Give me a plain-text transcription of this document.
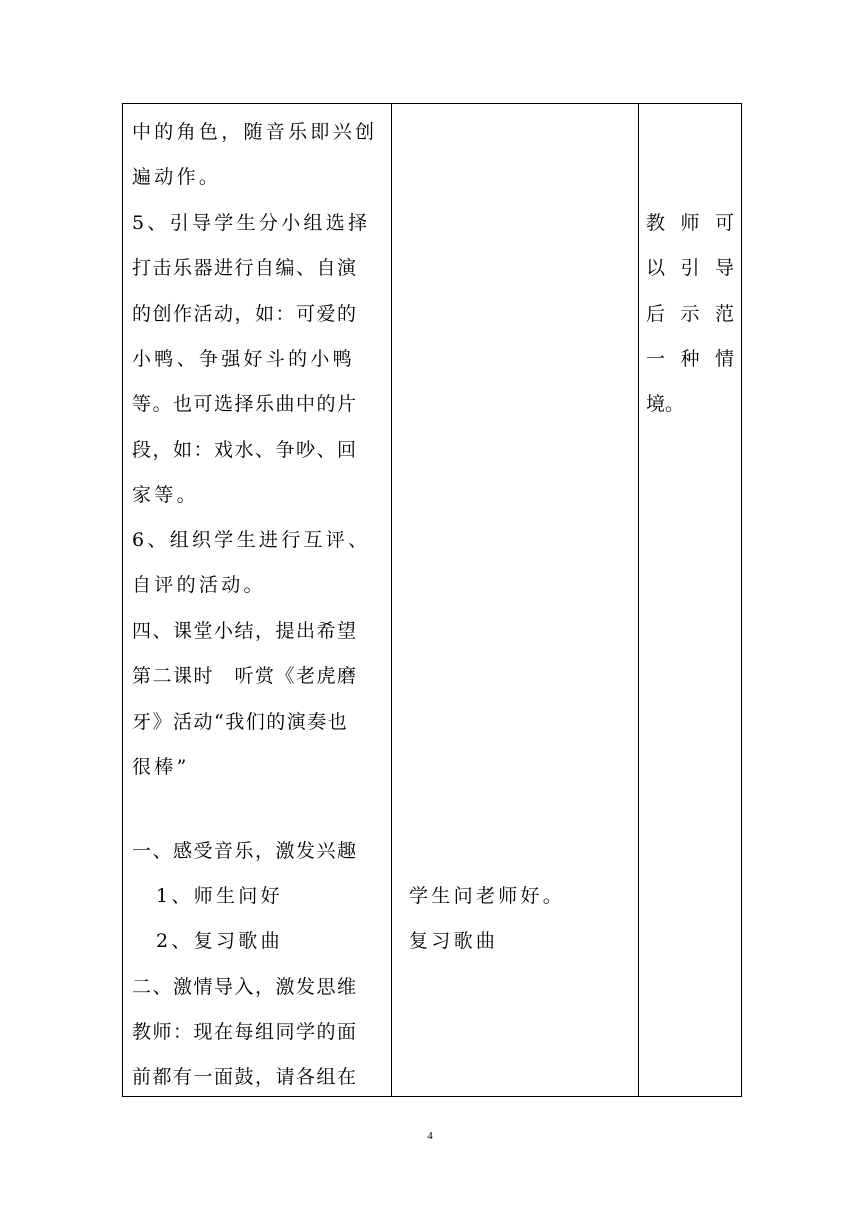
中的角色，随音乐即兴创
遍动作。
5、引导学生分小组选择
打击乐器进行自编、自演
的创作活动，如：可爱的
小鸭、争强好斗的小鸭
等。也可选择乐曲中的片
段，如：戏水、争吵、回
家等。
6、组织学生进行互评、
自评的活动。
四、课堂小结，提出希望
第二课时　听赏《老虎磨
牙》活动“我们的演奏也
很棒”
一、感受音乐，激发兴趣
1、师生问好
2、复习歌曲
二、激情导入，激发思维
教师：现在每组同学的面
前都有一面鼓，请各组在
学生问老师好。
复习歌曲
教 师 可
以 引 导
后 示 范
一 种 情
境。
4
